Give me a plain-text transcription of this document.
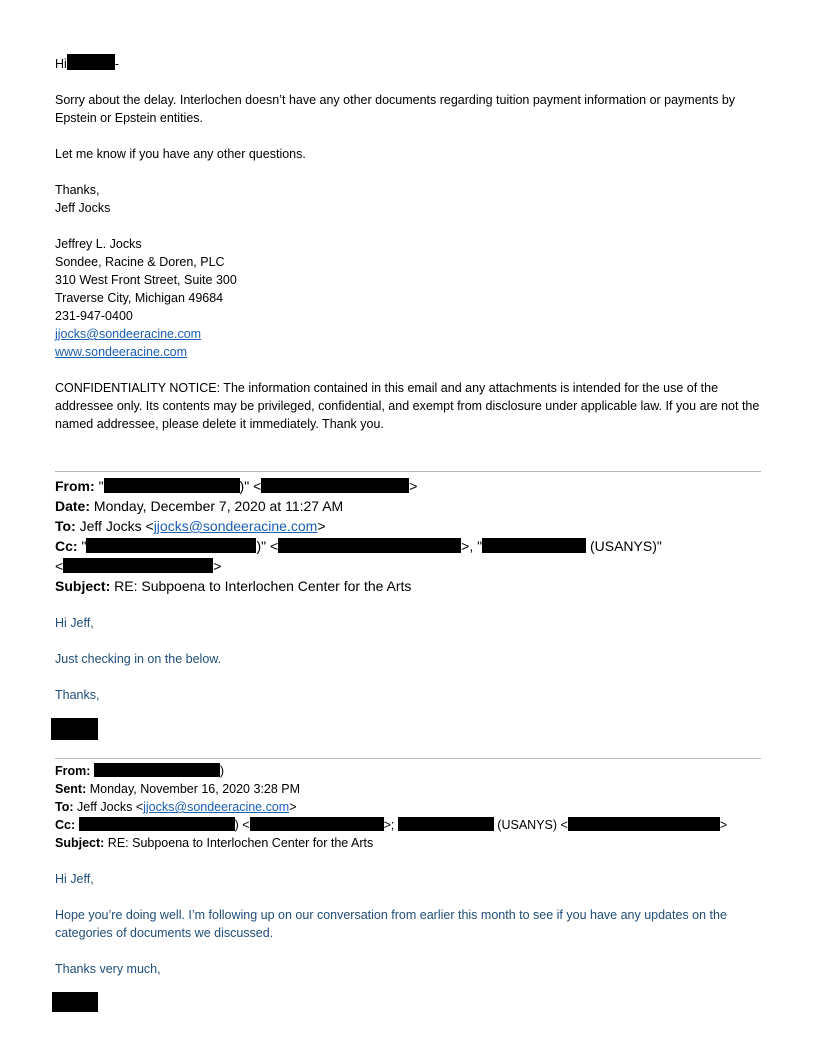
Hi	-
Sorry about the delay. Interlochen doesn’t have any other documents regarding tuition payment information or payments by Epstein or Epstein entities.
Let me know if you have any other questions.
Thanks,
Jeff Jocks
Jeffrey L. Jocks
Sondee, Racine & Doren, PLC
310 West Front Street, Suite 300
Traverse City, Michigan 49684
231-947-0400
jjocks@sondeeracine.com
www.sondeeracine.com
CONFIDENTIALITY NOTICE: The information contained in this email and any attachments is intended for the use of the addressee only. Its contents may be privileged, confidential, and exempt from disclosure under applicable law. If you are not the named addressee, please delete it immediately. Thank you.
From: "	)" <	>
Date: Monday, December 7, 2020 at 11:27 AM
To: Jeff Jocks <jjocks@sondeeracine.com>
Cc: "	)" <	>, "	(USANYS)"
<	>
Subject: RE: Subpoena to Interlochen Center for the Arts
Hi Jeff,
Just checking in on the below.
Thanks,
From:	)
Sent: Monday, November 16, 2020 3:28 PM
To: Jeff Jocks <jjocks@sondeeracine.com>
Cc:	) <	>;	(USANYS) <	>
Subject: RE: Subpoena to Interlochen Center for the Arts
Hi Jeff,
Hope you’re doing well. I’m following up on our conversation from earlier this month to see if you have any updates on the categories of documents we discussed.
Thanks very much,
